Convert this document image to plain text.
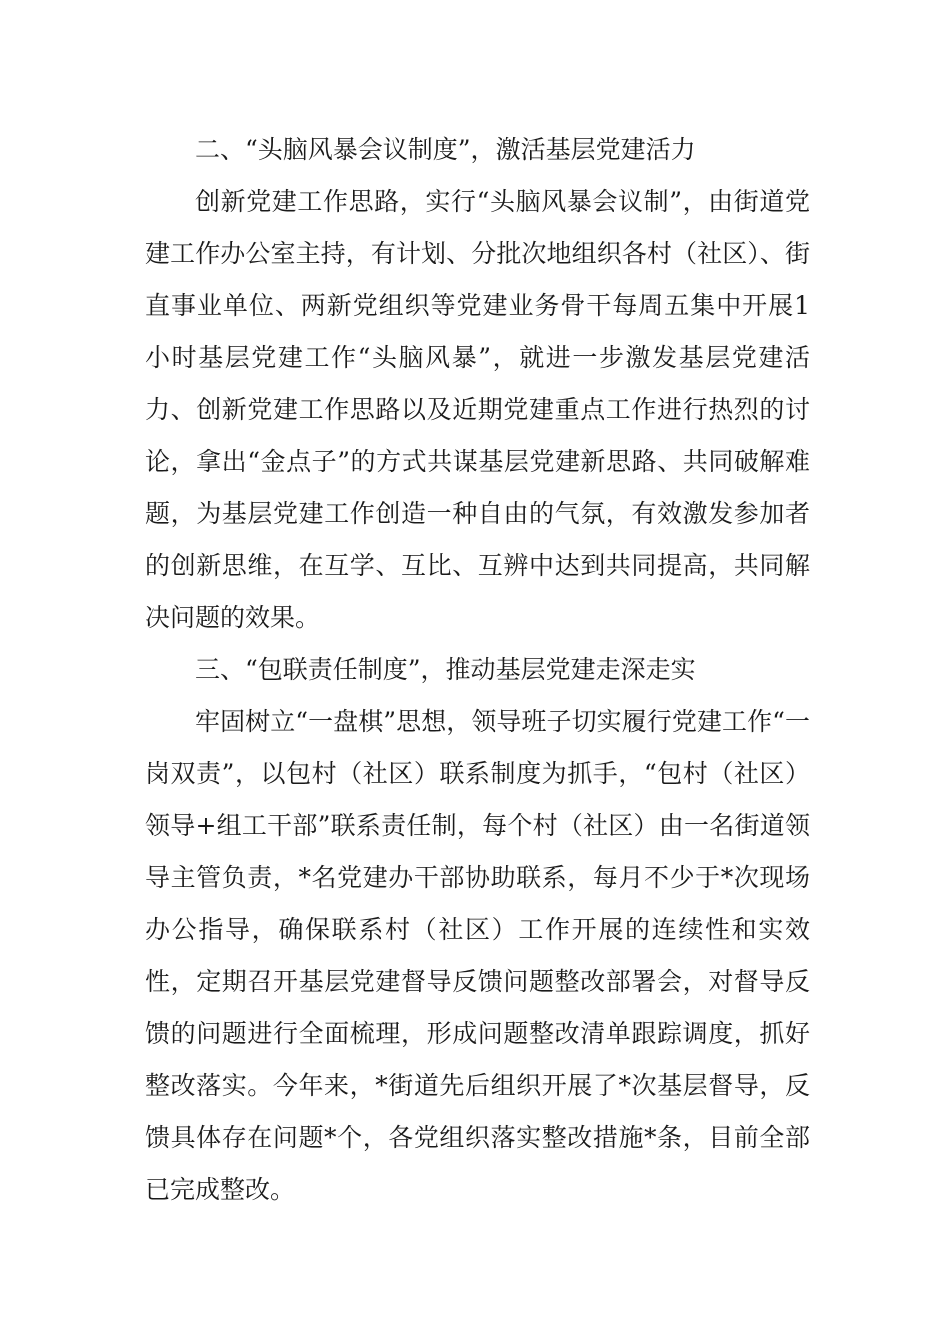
二、“头脑风暴会议制度”，激活基层党建活力

创新党建工作思路，实行“头脑风暴会议制”，由街道党建工作办公室主持，有计划、分批次地组织各村（社区）、街直事业单位、两新党组织等党建业务骨干每周五集中开展1小时基层党建工作“头脑风暴”，就进一步激发基层党建活力、创新党建工作思路以及近期党建重点工作进行热烈的讨论，拿出“金点子”的方式共谋基层党建新思路、共同破解难题，为基层党建工作创造一种自由的气氛，有效激发参加者的创新思维，在互学、互比、互辨中达到共同提高，共同解决问题的效果。

三、“包联责任制度”，推动基层党建走深走实

牢固树立“一盘棋”思想，领导班子切实履行党建工作“一岗双责”，以包村（社区）联系制度为抓手，“包村（社区）领导+组工干部”联系责任制，每个村（社区）由一名街道领导主管负责，*名党建办干部协助联系，每月不少于*次现场办公指导，确保联系村（社区）工作开展的连续性和实效性，定期召开基层党建督导反馈问题整改部署会，对督导反馈的问题进行全面梳理，形成问题整改清单跟踪调度，抓好整改落实。今年来，*街道先后组织开展了*次基层督导，反馈具体存在问题*个，各党组织落实整改措施*条，目前全部已完成整改。
